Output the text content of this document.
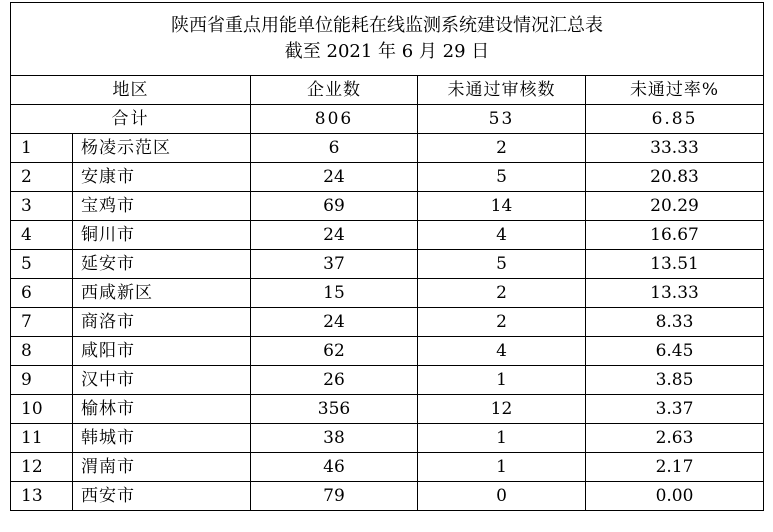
陕西省重点用能单位能耗在线监测系统建设情况汇总表
截至 2021 年 6 月 29 日				

地区		企业数	未通过审核数	未通过率%
合计		806	53	6.85
1	杨凌示范区	6	2	33.33
2	安康市	24	5	20.83
3	宝鸡市	69	14	20.29
4	铜川市	24	4	16.67
5	延安市	37	5	13.51
6	西咸新区	15	2	13.33
7	商洛市	24	2	8.33
8	咸阳市	62	4	6.45
9	汉中市	26	1	3.85
10	榆林市	356	12	3.37
11	韩城市	38	1	2.63
12	渭南市	46	1	2.17
13	西安市	79	0	0.00
